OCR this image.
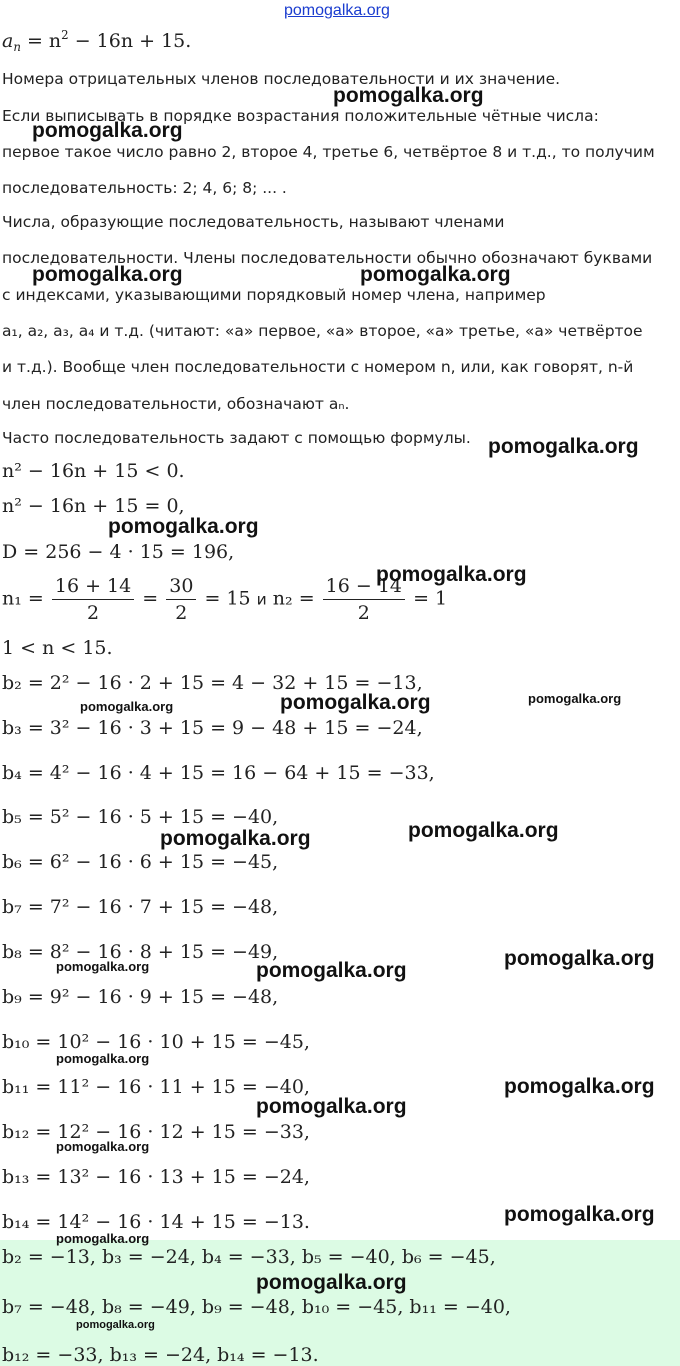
pomogalka.org
$a_n = n^2 - 16n + 15$.
Номера отрицательных членов последовательности и их значение.
Если выписывать в порядке возрастания положительные чётные числа:
первое такое число равно 2, второе 4, третье 6, четвёртое 8 и т.д., то получим
последовательность: 2; 4, 6; 8; ... .
Числа, образующие последовательность, называют членами
последовательности. Члены последовательности обычно обозначают буквами
с индексами, указывающими порядковый номер члена, например
a₁, a₂, a₃, a₄ и т.д. (читают: «a» первое, «a» второе, «a» третье, «a» четвёртое
и т.д.). Вообще член последовательности с номером n, или, как говорят, n-й
член последовательности, обозначают aₙ.
Часто последовательность задают с помощью формулы.
n² − 16n + 15 < 0.
n² − 16n + 15 = 0,
D = 256 − 4 · 15 = 196,
$n_1 = \frac{16 + 14}{2} = \frac{30}{2} = 15$ и $n_2 = \frac{16 - 14}{2} = 1$
1 < n < 15.
b₂ = 2² − 16 · 2 + 15 = 4 − 32 + 15 = −13,
b₃ = 3² − 16 · 3 + 15 = 9 − 48 + 15 = −24,
b₄ = 4² − 16 · 4 + 15 = 16 − 64 + 15 = −33,
b₅ = 5² − 16 · 5 + 15 = −40,
b₆ = 6² − 16 · 6 + 15 = −45,
b₇ = 7² − 16 · 7 + 15 = −48,
b₈ = 8² − 16 · 8 + 15 = −49,
b₉ = 9² − 16 · 9 + 15 = −48,
b₁₀ = 10² − 16 · 10 + 15 = −45,
b₁₁ = 11² − 16 · 11 + 15 = −40,
b₁₂ = 12² − 16 · 12 + 15 = −33,
b₁₃ = 13² − 16 · 13 + 15 = −24,
b₁₄ = 14² − 16 · 14 + 15 = −13.
b₂ = −13, b₃ = −24, b₄ = −33, b₅ = −40, b₆ = −45,
b₇ = −48, b₈ = −49, b₉ = −48, b₁₀ = −45, b₁₁ = −40,
b₁₂ = −33, b₁₃ = −24, b₁₄ = −13.
pomogalka.org
pomogalka.org
pomogalka.org	pomogalka.org
pomogalka.org
pomogalka.org
pomogalka.org
pomogalka.org	pomogalka.org	pomogalka.org
pomogalka.org	pomogalka.org
pomogalka.org	pomogalka.org
pomogalka.org
pomogalka.org
pomogalka.org
pomogalka.org
pomogalka.org
pomogalka.org
pomogalka.org
pomogalka.org
pomogalka.org
